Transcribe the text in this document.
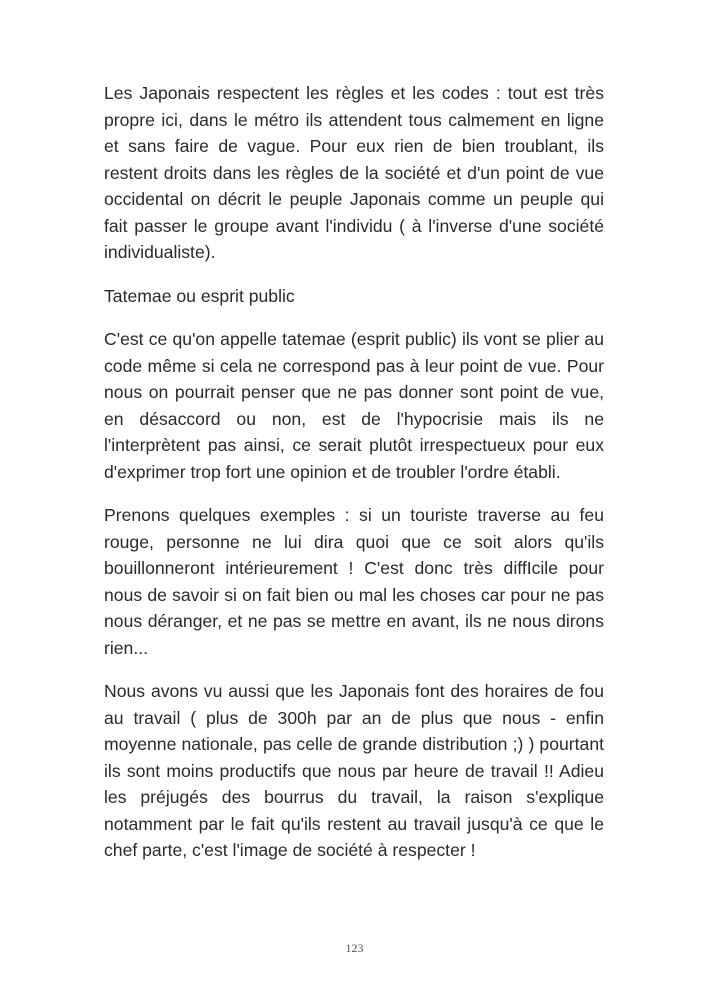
Les Japonais respectent les règles et les codes : tout est très propre ici, dans le métro ils attendent tous calmement en ligne et sans faire de vague. Pour eux rien de bien troublant, ils restent droits dans les règles de la société et d'un point de vue occidental on décrit le peuple Japonais comme un peuple qui fait passer le groupe avant l'individu ( à l'inverse d'une société individualiste).

Tatemae ou esprit public

C'est ce qu'on appelle tatemae (esprit public) ils vont se plier au code même si cela ne correspond pas à leur point de vue. Pour nous on pourrait penser que ne pas donner sont point de vue, en désaccord ou non, est de l'hypocrisie mais ils ne l'interprètent pas ainsi, ce serait plutôt irrespectueux pour eux d'exprimer trop fort une opinion et de troubler l'ordre établi.

Prenons quelques exemples : si un touriste traverse au feu rouge, personne ne lui dira quoi que ce soit alors qu'ils bouillonneront intérieurement ! C'est donc très diffIcile pour nous de savoir si on fait bien ou mal les choses car pour ne pas nous déranger, et ne pas se mettre en avant, ils ne nous dirons rien...

Nous avons vu aussi que les Japonais font des horaires de fou au travail ( plus de 300h par an de plus que nous - enfin moyenne nationale, pas celle de grande distribution ;) ) pourtant ils sont moins productifs que nous par heure de travail !! Adieu les préjugés des bourrus du travail, la raison s'explique notamment par le fait qu'ils restent au travail jusqu'à ce que le chef parte, c'est l'image de société à respecter !

123
